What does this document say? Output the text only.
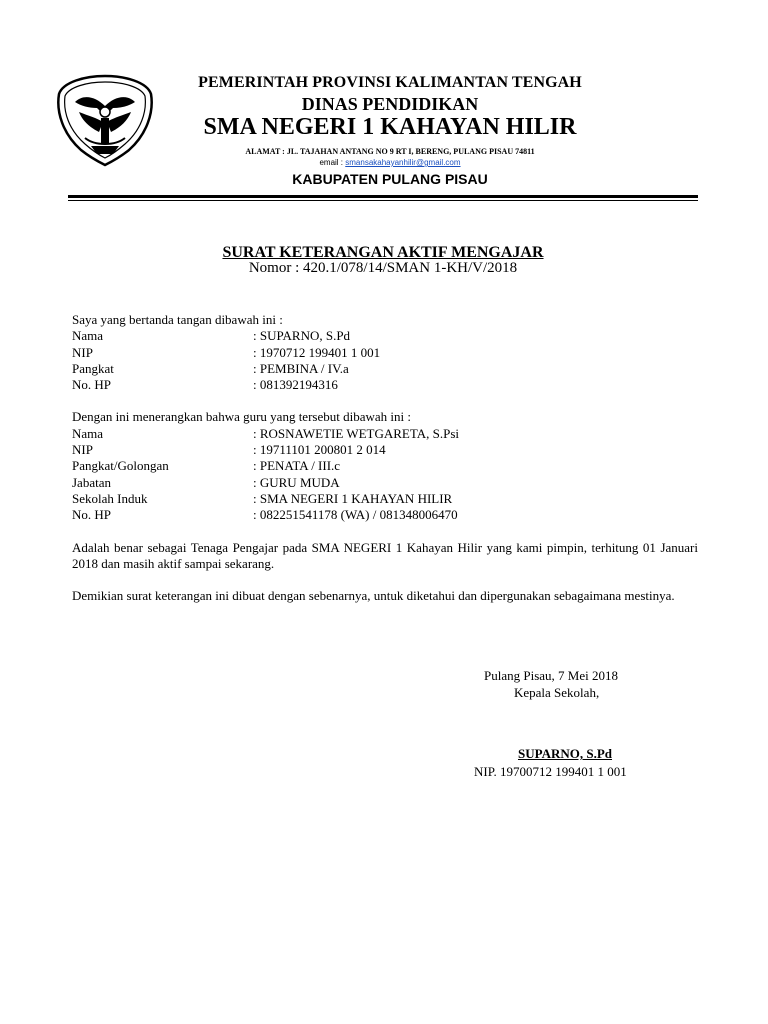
PEMERINTAH PROVINSI KALIMANTAN TENGAH
DINAS PENDIDIKAN
SMA NEGERI 1 KAHAYAN HILIR
ALAMAT : JL. TAJAHAN ANTANG NO 9 RT I, BERENG, PULANG PISAU 74811
email : smansakahayanhilir@gmail.com
KABUPATEN PULANG PISAU
SURAT KETERANGAN AKTIF MENGAJAR
Nomor : 420.1/078/14/SMAN 1-KH/V/2018
Saya yang bertanda tangan dibawah ini :
Nama	: SUPARNO, S.Pd
NIP	: 1970712 199401 1 001
Pangkat	: PEMBINA / IV.a
No. HP	: 081392194316
Dengan ini menerangkan bahwa guru yang tersebut dibawah ini :
Nama	: ROSNAWETIE WETGARETA, S.Psi
NIP	: 19711101 200801 2 014
Pangkat/Golongan	: PENATA / III.c
Jabatan	: GURU MUDA
Sekolah Induk	: SMA NEGERI 1 KAHAYAN HILIR
No. HP	: 082251541178 (WA) / 081348006470
Adalah benar sebagai Tenaga Pengajar pada SMA NEGERI 1 Kahayan Hilir yang kami pimpin, terhitung 01 Januari 2018 dan masih aktif sampai sekarang.
Demikian surat keterangan ini dibuat dengan sebenarnya, untuk diketahui dan dipergunakan sebagaimana mestinya.
Pulang Pisau, 7 Mei 2018
Kepala Sekolah,
SUPARNO, S.Pd
NIP. 19700712 199401 1 001
